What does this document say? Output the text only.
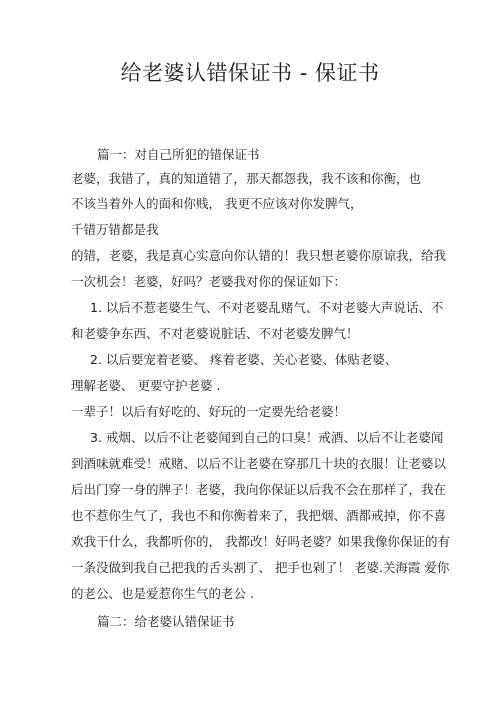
给老婆认错保证书 - 保证书
篇一：对自己所犯的错保证书
老婆，我错了，真的知道错了，那天都怨我，我不该和你衡，也
不该当着外人的面和你贱， 我更不应该对你发脾气，
千错万错都是我
的错，老婆，我是真心实意向你认错的！我只想老婆你原谅我，给我
一次机会！老婆，好吗？老婆我对你的保证如下：
1. 以后不惹老婆生气、不对老婆乱赌气、不对老婆大声说话、不
和老婆争东西、不对老婆说脏话、不对老婆发脾气！
2. 以后要宠着老婆、 疼着老婆、关心老婆、体贴老婆、
理解老婆、 更要守护老婆 .
一辈子！以后有好吃的、好玩的一定要先给老婆！
3. 戒烟、以后不让老婆闻到自己的口臭！戒酒、以后不让老婆闻
到酒味就难受！戒赌、以后不让老婆在穿那几十块的衣服！让老婆以
后出门穿一身的牌子！老婆，我向你保证以后我不会在那样了，我在
也不惹你生气了，我也不和你衡着来了，我把烟、酒都戒掉，你不喜
欢我干什么，我都听你的， 我都改！好吗老婆？如果我像你保证的有
一条没做到我自己把我的舌头割了、 把手也剁了！ 老婆.关海霞 爱你
的老公、也是爱惹你生气的老公 .
篇二：给老婆认错保证书
